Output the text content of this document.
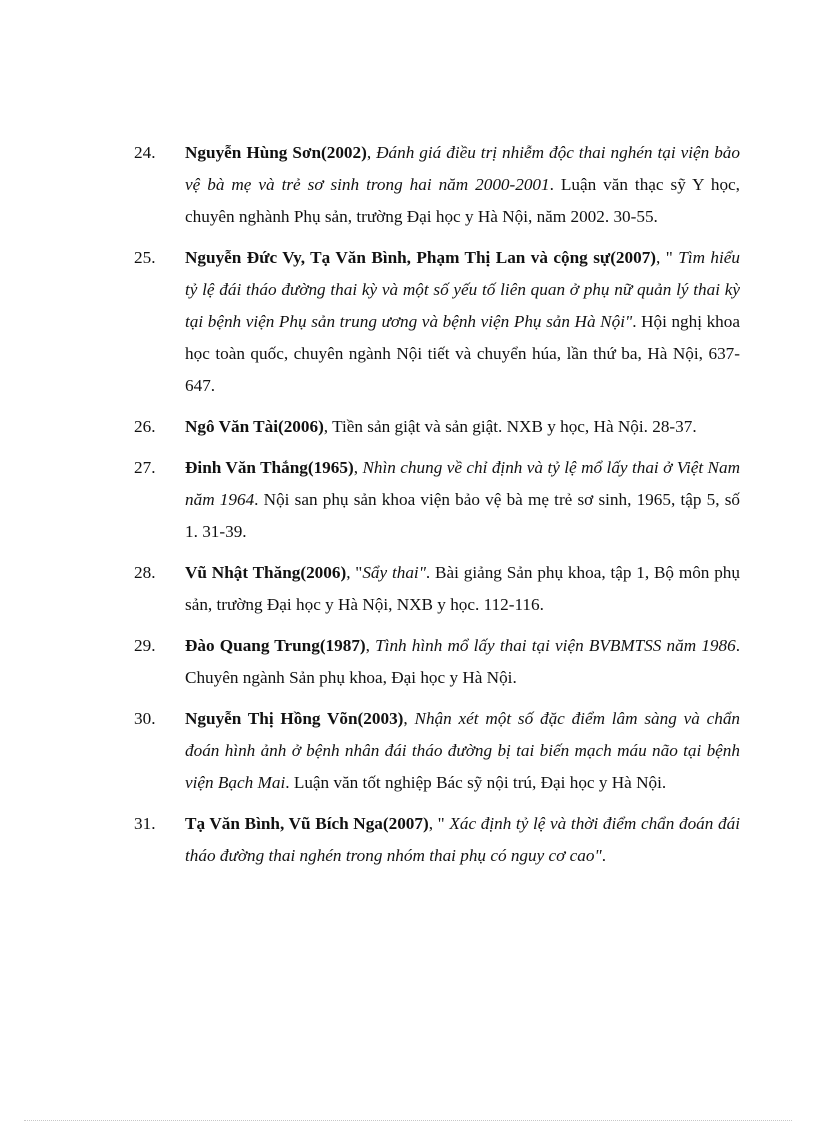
24.	Nguyễn Hùng Sơn(2002), Đánh giá điều trị nhiễm độc thai nghén tại viện bảo vệ bà mẹ và trẻ sơ sinh trong hai năm 2000-2001. Luận văn thạc sỹ Y học, chuyên nghành Phụ sản, trường Đại học y Hà Nội, năm 2002. 30-55.
25.	Nguyễn Đức Vy, Tạ Văn Bình, Phạm Thị Lan và cộng sự(2007), " Tìm hiểu tỷ lệ đái tháo đường thai kỳ và một số yếu tố liên quan ở phụ nữ quản lý thai kỳ tại bệnh viện Phụ sản trung ương và bệnh viện Phụ sản Hà Nội". Hội nghị khoa học toàn quốc, chuyên ngành Nội tiết và chuyển húa, lần thứ ba, Hà Nội, 637-647.
26.	Ngô Văn Tài(2006), Tiền sản giật và sản giật. NXB y học, Hà Nội. 28-37.
27.	Đinh Văn Thắng(1965), Nhìn chung về chỉ định và tỷ lệ mổ lấy thai ở Việt Nam năm 1964. Nội san phụ sản khoa viện bảo vệ bà mẹ trẻ sơ sinh, 1965, tập 5, số 1. 31-39.
28.	Vũ Nhật Thăng(2006), "Sẩy thai". Bài giảng Sản phụ khoa, tập 1, Bộ môn phụ sản, trường Đại học y Hà Nội, NXB y học. 112-116.
29.	Đào Quang Trung(1987), Tình hình mổ lấy thai tại viện BVBMTSS năm 1986. Chuyên ngành Sản phụ khoa, Đại học y Hà Nội.
30.	Nguyễn Thị Hồng Võn(2003), Nhận xét một số đặc điểm lâm sàng và chẩn đoán hình ảnh ở bệnh nhân đái tháo đường bị tai biến mạch máu não tại bệnh viện Bạch Mai. Luận văn tốt nghiệp Bác sỹ nội trú, Đại học y Hà Nội.
31.	Tạ Văn Bình, Vũ Bích Nga(2007), " Xác định tỷ lệ và thời điểm chẩn đoán đái tháo đường thai nghén trong nhóm thai phụ có nguy cơ cao".
